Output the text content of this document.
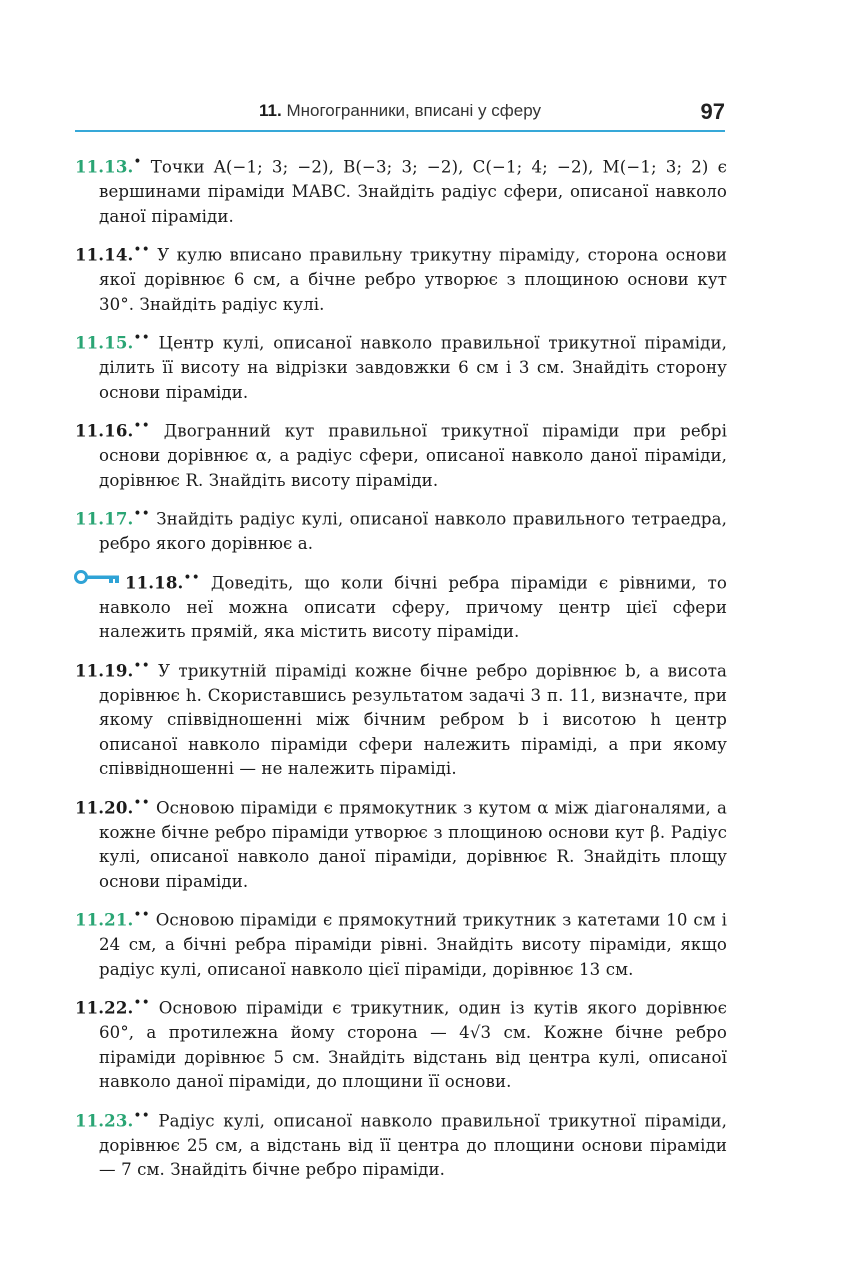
11. Многогранники, вписані у сферу	97

11.13.• Точки A(−1; 3; −2), B(−3; 3; −2), C(−1; 4; −2), M(−1; 3; 2) є вершинами піраміди MABC. Знайдіть радіус сфери, описаної навколо даної піраміди.

11.14.•• У кулю вписано правильну трикутну піраміду, сторона основи якої дорівнює 6 см, а бічне ребро утворює з площиною основи кут 30°. Знайдіть радіус кулі.

11.15.•• Центр кулі, описаної навколо правильної трикутної піраміди, ділить її висоту на відрізки завдовжки 6 см і 3 см. Знайдіть сторону основи піраміди.

11.16.•• Двогранний кут правильної трикутної піраміди при ребрі основи дорівнює α, а радіус сфери, описаної навколо даної піраміди, дорівнює R. Знайдіть висоту піраміди.

11.17.•• Знайдіть радіус кулі, описаної навколо правильного тетраедра, ребро якого дорівнює a.

11.18.•• Доведіть, що коли бічні ребра піраміди є рівними, то навколо неї можна описати сферу, причому центр цієї сфери належить прямій, яка містить висоту піраміди.

11.19.•• У трикутній піраміді кожне бічне ребро дорівнює b, а висота дорівнює h. Скориставшись результатом задачі 3 п. 11, визначте, при якому співвідношенні між бічним ребром b і висотою h центр описаної навколо піраміди сфери належить піраміді, а при якому співвідношенні — не належить піраміді.

11.20.•• Основою піраміди є прямокутник з кутом α між діагоналями, а кожне бічне ребро піраміди утворює з площиною основи кут β. Радіус кулі, описаної навколо даної піраміди, дорівнює R. Знайдіть площу основи піраміди.

11.21.•• Основою піраміди є прямокутний трикутник з катетами 10 см і 24 см, а бічні ребра піраміди рівні. Знайдіть висоту піраміди, якщо радіус кулі, описаної навколо цієї піраміди, дорівнює 13 см.

11.22.•• Основою піраміди є трикутник, один із кутів якого дорівнює 60°, а протилежна йому сторона — 4√3 см. Кожне бічне ребро піраміди дорівнює 5 см. Знайдіть відстань від центра кулі, описаної навколо даної піраміди, до площини її основи.

11.23.•• Радіус кулі, описаної навколо правильної трикутної піраміди, дорівнює 25 см, а відстань від її центра до площини основи піраміди — 7 см. Знайдіть бічне ребро піраміди.
